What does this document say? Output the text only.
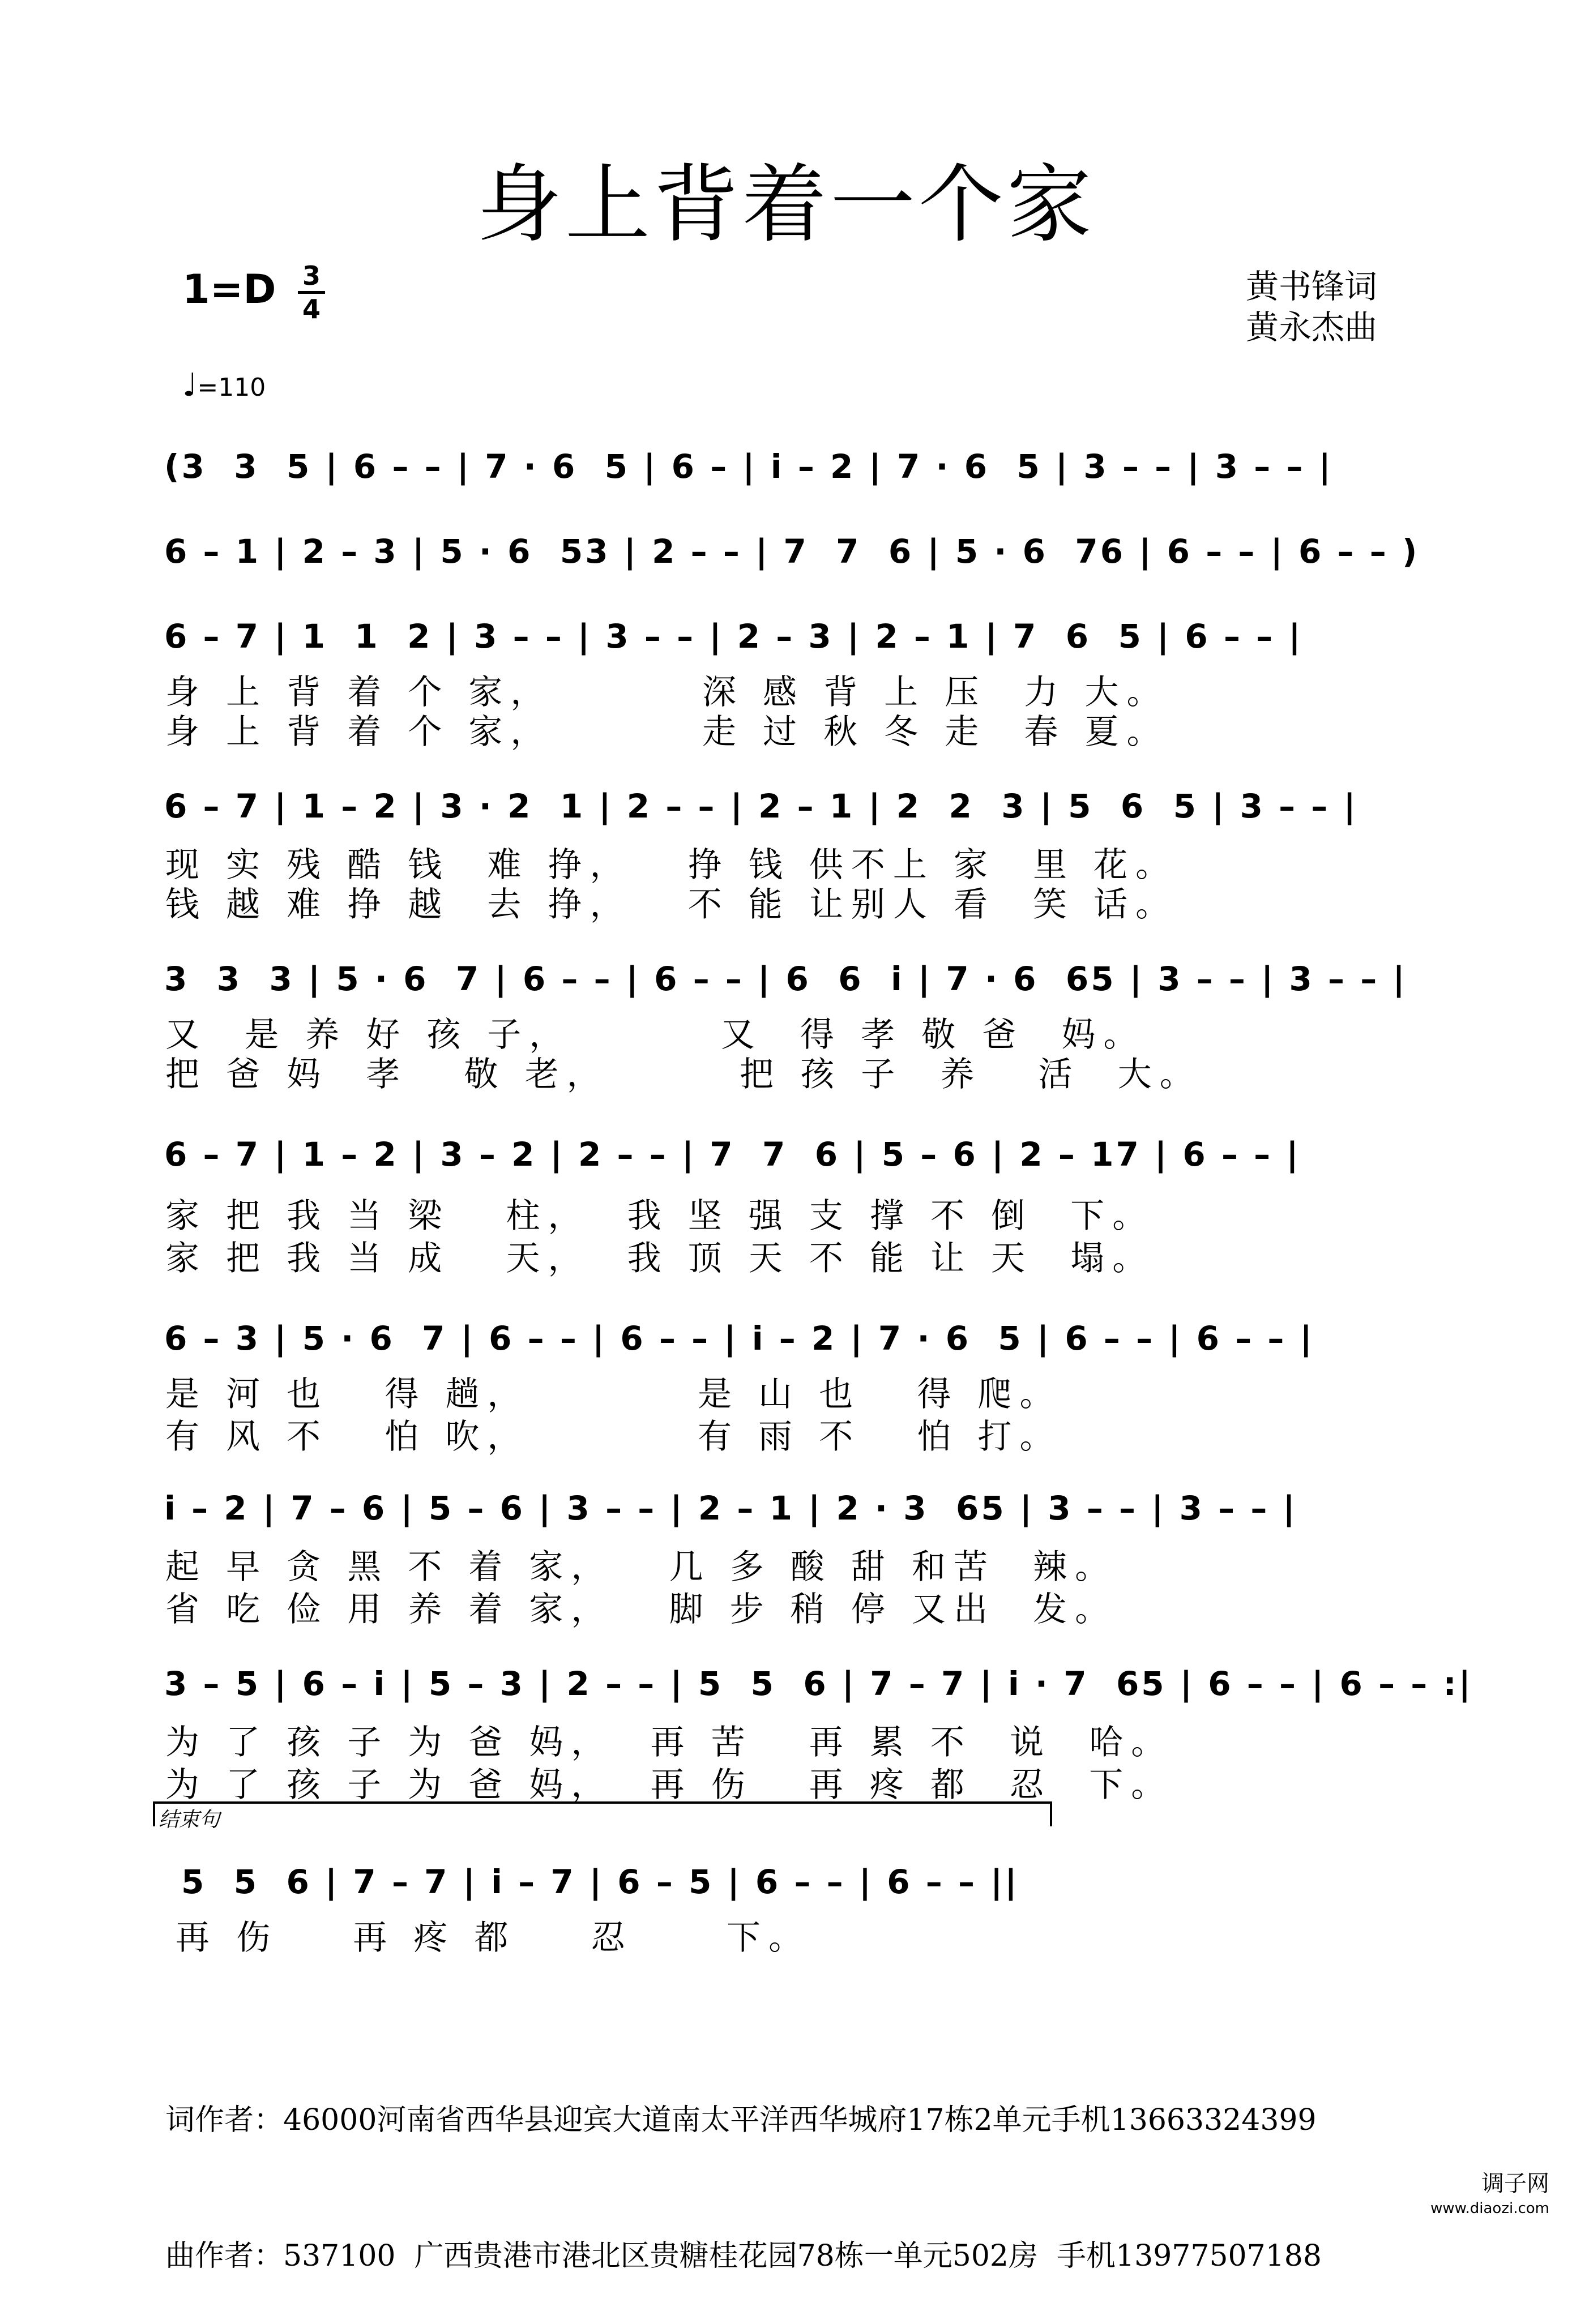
身上背着一个家
1=D	3
4
黄书锋词
黄永杰曲
♩=110
(3  3  5 | 6 – – | 7 · 6  5 | 6 – | i – 2 | 7 · 6  5 | 3 – – | 3 – – |
6 – 1 | 2 – 3 | 5 · 6  53 | 2 – – | 7  7  6 | 5 · 6  76 | 6 – – | 6 – – )
6 – 7 | 1  1  2 | 3 – – | 3 – – | 2 – 3 | 2 – 1 | 7  6  5 | 6 – – |
身 上 背 着 个 家，        深 感 背 上 压  力 大。
身 上 背 着 个 家，        走 过 秋 冬 走  春 夏。
6 – 7 | 1 – 2 | 3 · 2  1 | 2 – – | 2 – 1 | 2  2  3 | 5  6  5 | 3 – – |
现 实 残 酷 钱  难 挣，   挣 钱 供不上 家  里 花。
钱 越 难 挣 越  去 挣，   不 能 让别人 看  笑 话。
3  3  3 | 5 · 6  7 | 6 – – | 6 – – | 6  6  i | 7 · 6  65 | 3 – – | 3 – – |
又  是 养 好 孩 子，        又  得 孝 敬 爸  妈。
把 爸 妈  孝   敬 老，       把 孩 子  养   活  大。
6 – 7 | 1 – 2 | 3 – 2 | 2 – – | 7  7  6 | 5 – 6 | 2 – 17 | 6 – – |
家 把 我 当 梁   柱，  我 坚 强 支 撑 不 倒  下。
家 把 我 当 成   天，  我 顶 天 不 能 让 天  塌。
6 – 3 | 5 · 6  7 | 6 – – | 6 – – | i – 2 | 7 · 6  5 | 6 – – | 6 – – |
是 河 也   得 趟，         是 山 也   得 爬。
有 风 不   怕 吹，         有 雨 不   怕 打。
i – 2 | 7 – 6 | 5 – 6 | 3 – – | 2 – 1 | 2 · 3  65 | 3 – – | 3 – – |
起 早 贪 黑 不 着 家，   几 多 酸 甜 和苦  辣。
省 吃 俭 用 养 着 家，   脚 步 稍 停 又出  发。
3 – 5 | 6 – i | 5 – 3 | 2 – – | 5  5  6 | 7 – 7 | i · 7  65 | 6 – – | 6 – – :|
为 了 孩 子 为 爸 妈，  再 苦   再 累 不  说  哈。
为 了 孩 子 为 爸 妈，  再 伤   再 疼 都  忍  下。
结束句
5  5  6 | 7 – 7 | i – 7 | 6 – 5 | 6 – – | 6 – – ||
再 伤    再 疼 都    忍     下。

词作者：46000河南省西华县迎宾大道南太平洋西华城府17栋2单元手机13663324399

曲作者：537100  广西贵港市港北区贵糖桂花园78栋一单元502房  手机13977507188

调子网
www.diaozi.com
